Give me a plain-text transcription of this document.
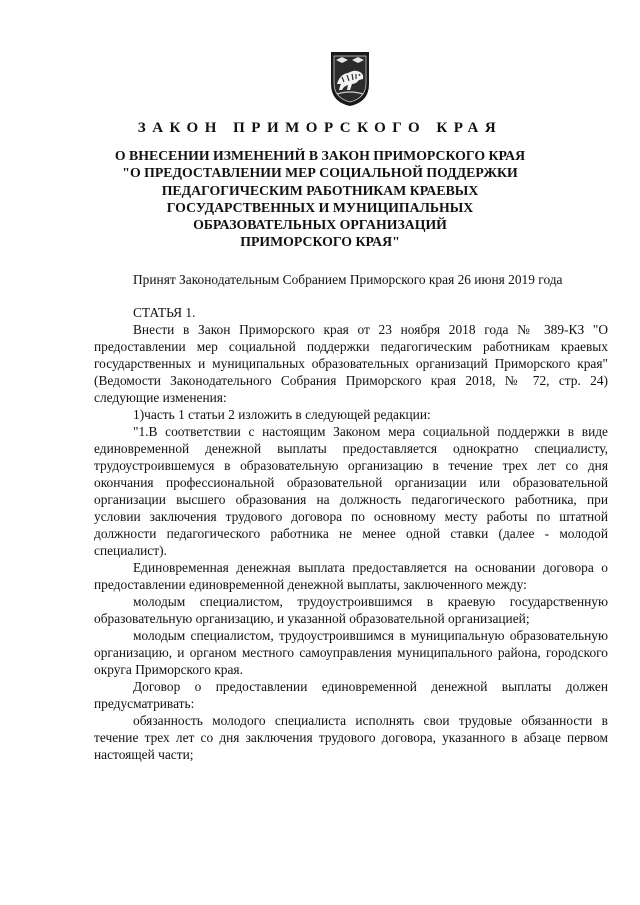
ЗАКОН ПРИМОРСКОГО КРАЯ
О ВНЕСЕНИИ ИЗМЕНЕНИЙ В ЗАКОН ПРИМОРСКОГО КРАЯ
"О ПРЕДОСТАВЛЕНИИ МЕР СОЦИАЛЬНОЙ ПОДДЕРЖКИ
ПЕДАГОГИЧЕСКИМ РАБОТНИКАМ КРАЕВЫХ
ГОСУДАРСТВЕННЫХ И МУНИЦИПАЛЬНЫХ
ОБРАЗОВАТЕЛЬНЫХ ОРГАНИЗАЦИЙ
ПРИМОРСКОГО КРАЯ"

Принят Законодательным Собранием Приморского края 26 июня 2019 года

СТАТЬЯ 1.

Внести в Закон Приморского края от 23 ноября 2018 года № 389-КЗ "О предоставлении мер социальной поддержки педагогическим работникам краевых государственных и муниципальных образовательных организаций Приморского края" (Ведомости Законодательного Собрания Приморского края 2018, № 72, стр. 24) следующие изменения:

1)часть 1 статьи 2 изложить в следующей редакции:

"1.В соответствии с настоящим Законом мера социальной поддержки в виде единовременной денежной выплаты предоставляется однократно специалисту, трудоустроившемуся в образовательную организацию в течение трех лет со дня окончания профессиональной образовательной организации или образовательной организации высшего образования на должность педагогического работника, при условии заключения трудового договора по основному месту работы по штатной должности педагогического работника не менее одной ставки (далее - молодой специалист).

Единовременная денежная выплата предоставляется на основании договора о предоставлении единовременной денежной выплаты, заключенного между:

молодым специалистом, трудоустроившимся в краевую государственную образовательную организацию, и указанной образовательной организацией;

молодым специалистом, трудоустроившимся в муниципальную образовательную организацию, и органом местного самоуправления муниципального района, городского округа Приморского края.

Договор о предоставлении единовременной денежной выплаты должен предусматривать:

обязанность молодого специалиста исполнять свои трудовые обязанности в течение трех лет со дня заключения трудового договора, указанного в абзаце первом настоящей части;
